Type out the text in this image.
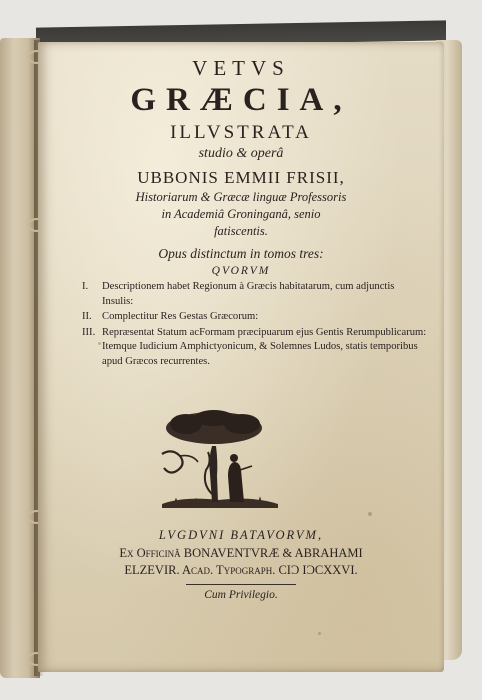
VETVS
GRÆCIA,
ILLVSTRATA
studio & operâ
UBBONIS EMMII FRISII,
Historiarum & Græcæ linguæ Professoris
in Academiâ Groninganâ, senio
fatiscentis.
Opus distinctum in tomos tres:
QVORVM
I.	Descriptionem habet Regionum à Græcis habitatarum, cum adjunctis Insulis:
II. Complectitur Res Gestas Græcorum:
III. Repræsentat Statum acFormam præcipuarum ejus Gentis Rerumpublicarum: Itemque Iudicium Amphictyonicum, & Solemnes Ludos, statis temporibus apud Græcos recurrentes.
LVGDVNI BATAVORVM,
Ex Officinâ BONAVENTVRÆ & ABRAHAMI
ELZEVIR. Acad. Typograph. CIƆ IƆCXXVI.
Cum Privilegio.
